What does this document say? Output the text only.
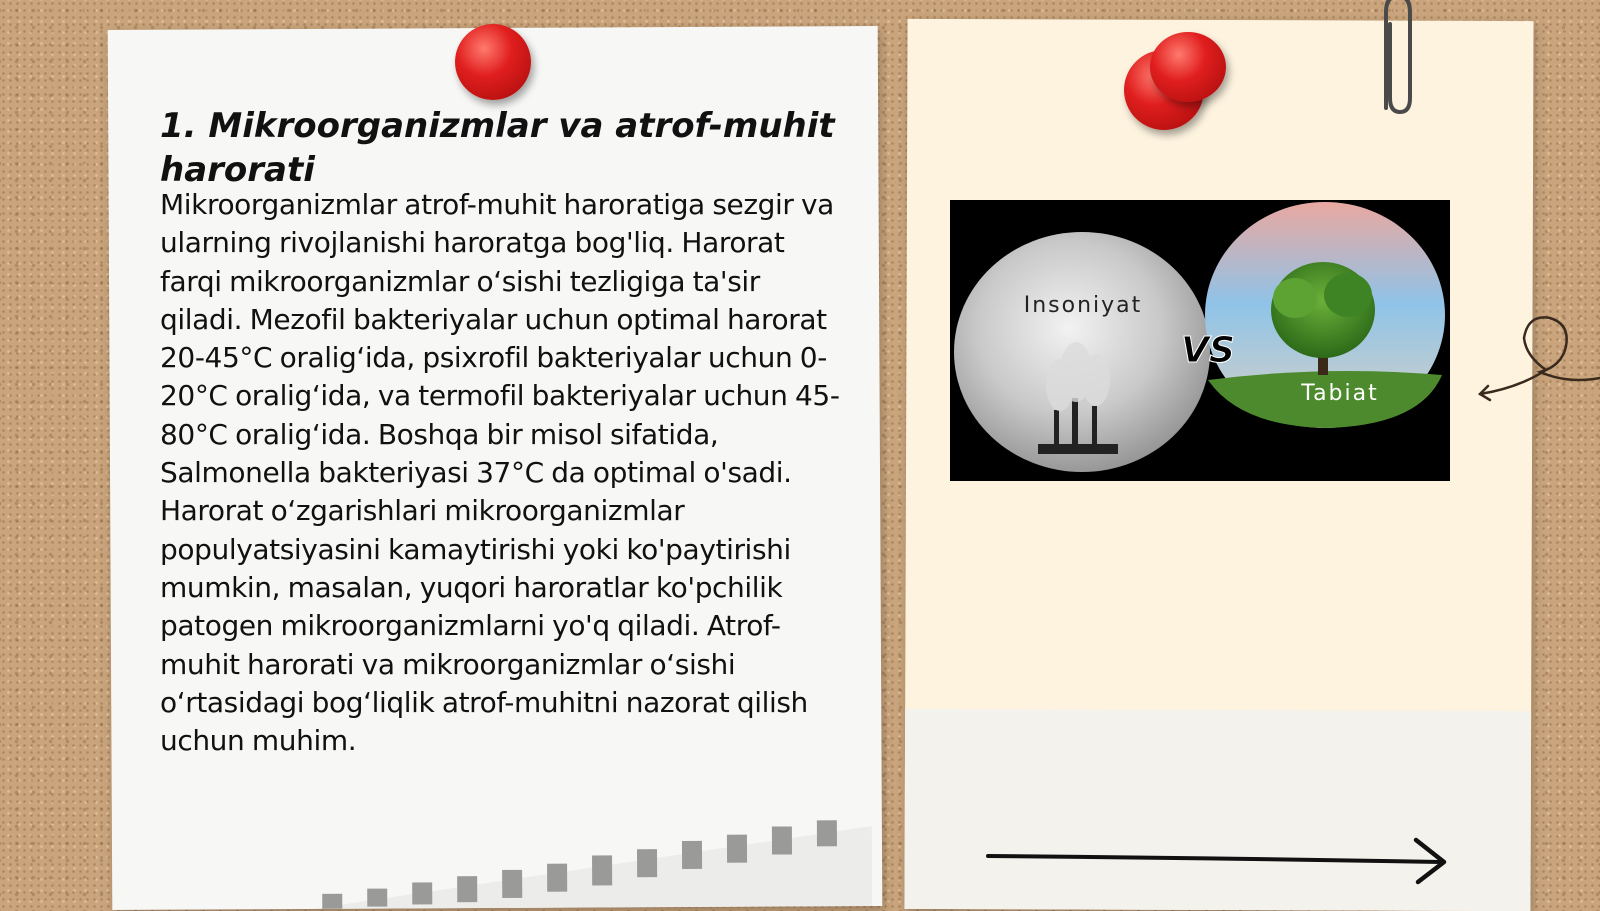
1. Mikroorganizmlar va atrof-muhit harorati

Mikroorganizmlar atrof-muhit haroratiga sezgir va ularning rivojlanishi haroratga bog'liq. Harorat farqi mikroorganizmlar o‘sishi tezligiga ta'sir qiladi. Mezofil bakteriyalar uchun optimal harorat 20-45°C oralig‘ida, psixrofil bakteriyalar uchun 0-20°C oralig‘ida, va termofil bakteriyalar uchun 45-80°C oralig‘ida. Boshqa bir misol sifatida, Salmonella bakteriyasi 37°C da optimal o'sadi. Harorat o‘zgarishlari mikroorganizmlar populyatsiyasini kamaytirishi yoki ko'paytirishi mumkin, masalan, yuqori haroratlar ko'pchilik patogen mikroorganizmlarni yo'q qiladi. Atrof-muhit harorati va mikroorganizmlar o‘sishi o‘rtasidagi bog‘liqlik atrof-muhitni nazorat qilish uchun muhim.

Insoniyat
VS
Tabiat
